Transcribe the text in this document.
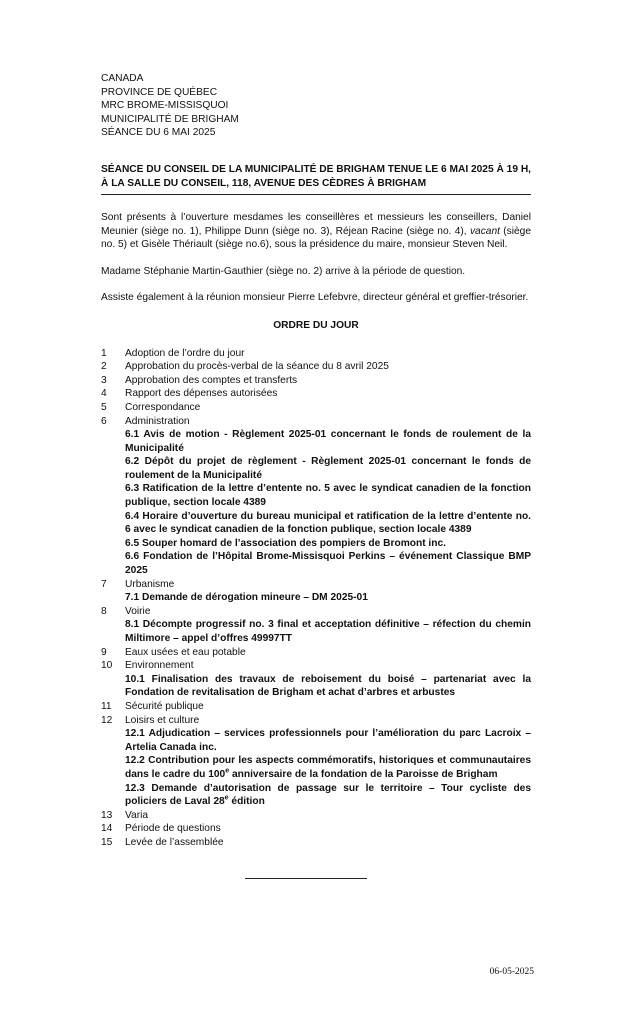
CANADA
PROVINCE DE QUÉBEC
MRC BROME-MISSISQUOI
MUNICIPALITÉ DE BRIGHAM
SÉANCE DU 6 MAI 2025
SÉANCE DU CONSEIL DE LA MUNICIPALITÉ DE BRIGHAM TENUE LE 6 MAI 2025 À 19 H, À LA SALLE DU CONSEIL, 118, AVENUE DES CÈDRES À BRIGHAM

Sont présents à l’ouverture mesdames les conseillères et messieurs les conseillers, Daniel Meunier (siège no. 1), Philippe Dunn (siège no. 3), Réjean Racine (siège no. 4), vacant (siège no. 5) et Gisèle Thériault (siège no.6), sous la présidence du maire, monsieur Steven Neil.

Madame Stéphanie Martin-Gauthier (siège no. 2) arrive à la période de question.

Assiste également à la réunion monsieur Pierre Lefebvre, directeur général et greffier-trésorier.

ORDRE DU JOUR
1 Adoption de l’ordre du jour
2 Approbation du procès-verbal de la séance du 8 avril 2025
3 Approbation des comptes et transferts
4 Rapport des dépenses autorisées
5 Correspondance
6 Administration
6.1 Avis de motion - Règlement 2025-01 concernant le fonds de roulement de la Municipalité
6.2 Dépôt du projet de règlement - Règlement 2025-01 concernant le fonds de roulement de la Municipalité
6.3 Ratification de la lettre d’entente no. 5 avec le syndicat canadien de la fonction publique, section locale 4389
6.4 Horaire d’ouverture du bureau municipal et ratification de la lettre d’entente no. 6 avec le syndicat canadien de la fonction publique, section locale 4389
6.5 Souper homard de l’association des pompiers de Bromont inc.
6.6 Fondation de l’Hôpital Brome-Missisquoi Perkins – événement Classique BMP 2025
7 Urbanisme
7.1 Demande de dérogation mineure – DM 2025-01
8 Voirie
8.1 Décompte progressif no. 3 final et acceptation définitive – réfection du chemin Miltimore – appel d’offres 49997TT
9 Eaux usées et eau potable
10 Environnement
10.1 Finalisation des travaux de reboisement du boisé – partenariat avec la Fondation de revitalisation de Brigham et achat d’arbres et arbustes
11 Sécurité publique
12 Loisirs et culture
12.1 Adjudication – services professionnels pour l’amélioration du parc Lacroix – Artelia Canada inc.
12.2 Contribution pour les aspects commémoratifs, historiques et communautaires dans le cadre du 100e anniversaire de la fondation de la Paroisse de Brigham
12.3 Demande d’autorisation de passage sur le territoire – Tour cycliste des policiers de Laval 28e édition
13 Varia
14 Période de questions
15 Levée de l’assemblée
06-05-2025
